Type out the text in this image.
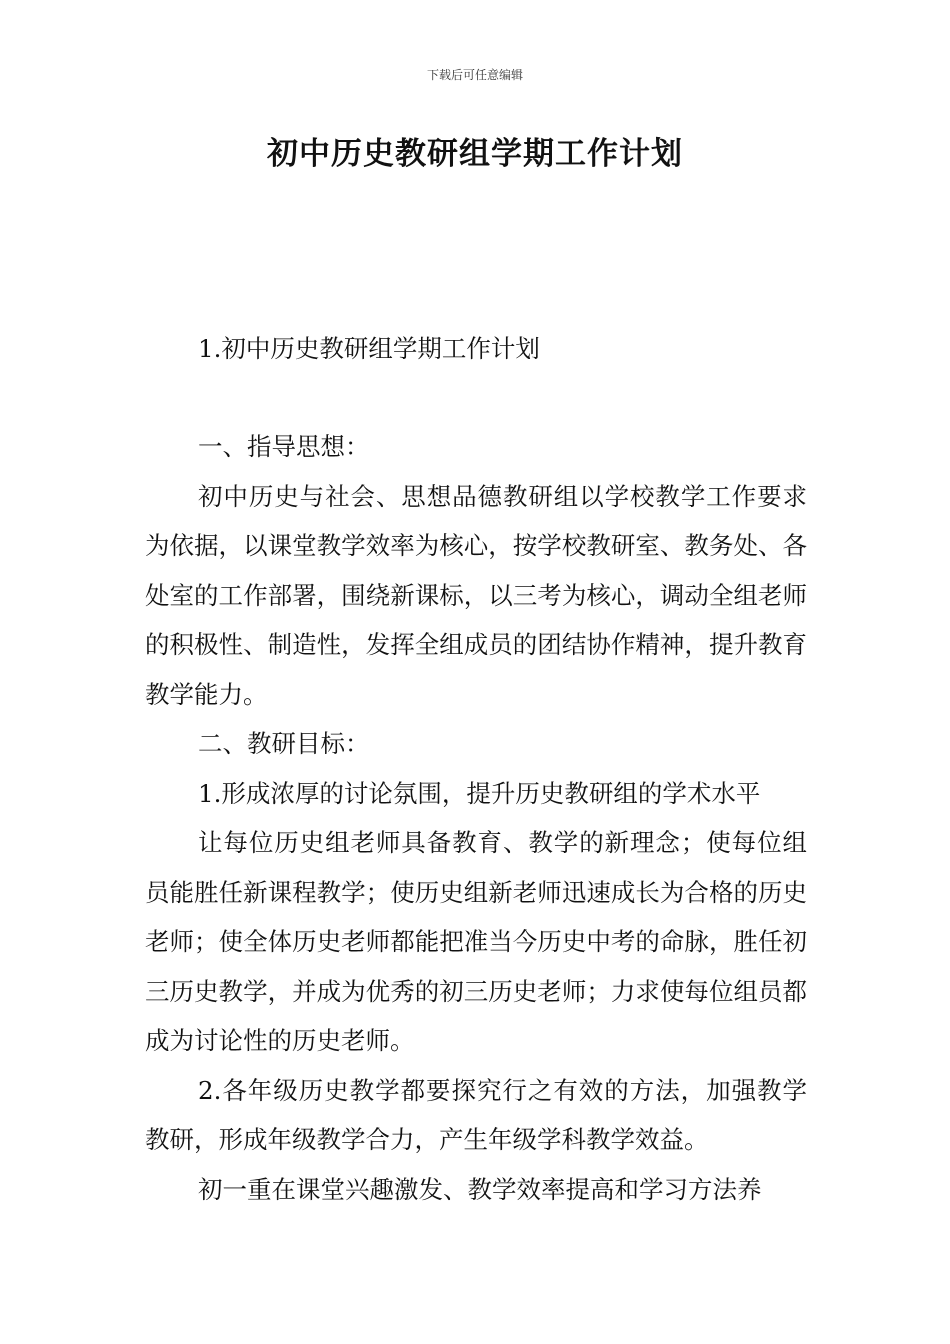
下载后可任意编辑
初中历史教研组学期工作计划

1.初中历史教研组学期工作计划

一、指导思想：

初中历史与社会、思想品德教研组以学校教学工作要求为依据，以课堂教学效率为核心，按学校教研室、教务处、各处室的工作部署，围绕新课标，以三考为核心，调动全组老师的积极性、制造性，发挥全组成员的团结协作精神，提升教育教学能力。

二、教研目标：

1.形成浓厚的讨论氛围，提升历史教研组的学术水平

让每位历史组老师具备教育、教学的新理念；使每位组员能胜任新课程教学；使历史组新老师迅速成长为合格的历史老师；使全体历史老师都能把准当今历史中考的命脉，胜任初三历史教学，并成为优秀的初三历史老师；力求使每位组员都成为讨论性的历史老师。

2.各年级历史教学都要探究行之有效的方法，加强教学教研，形成年级教学合力，产生年级学科教学效益。

初一重在课堂兴趣激发、教学效率提高和学习方法养
